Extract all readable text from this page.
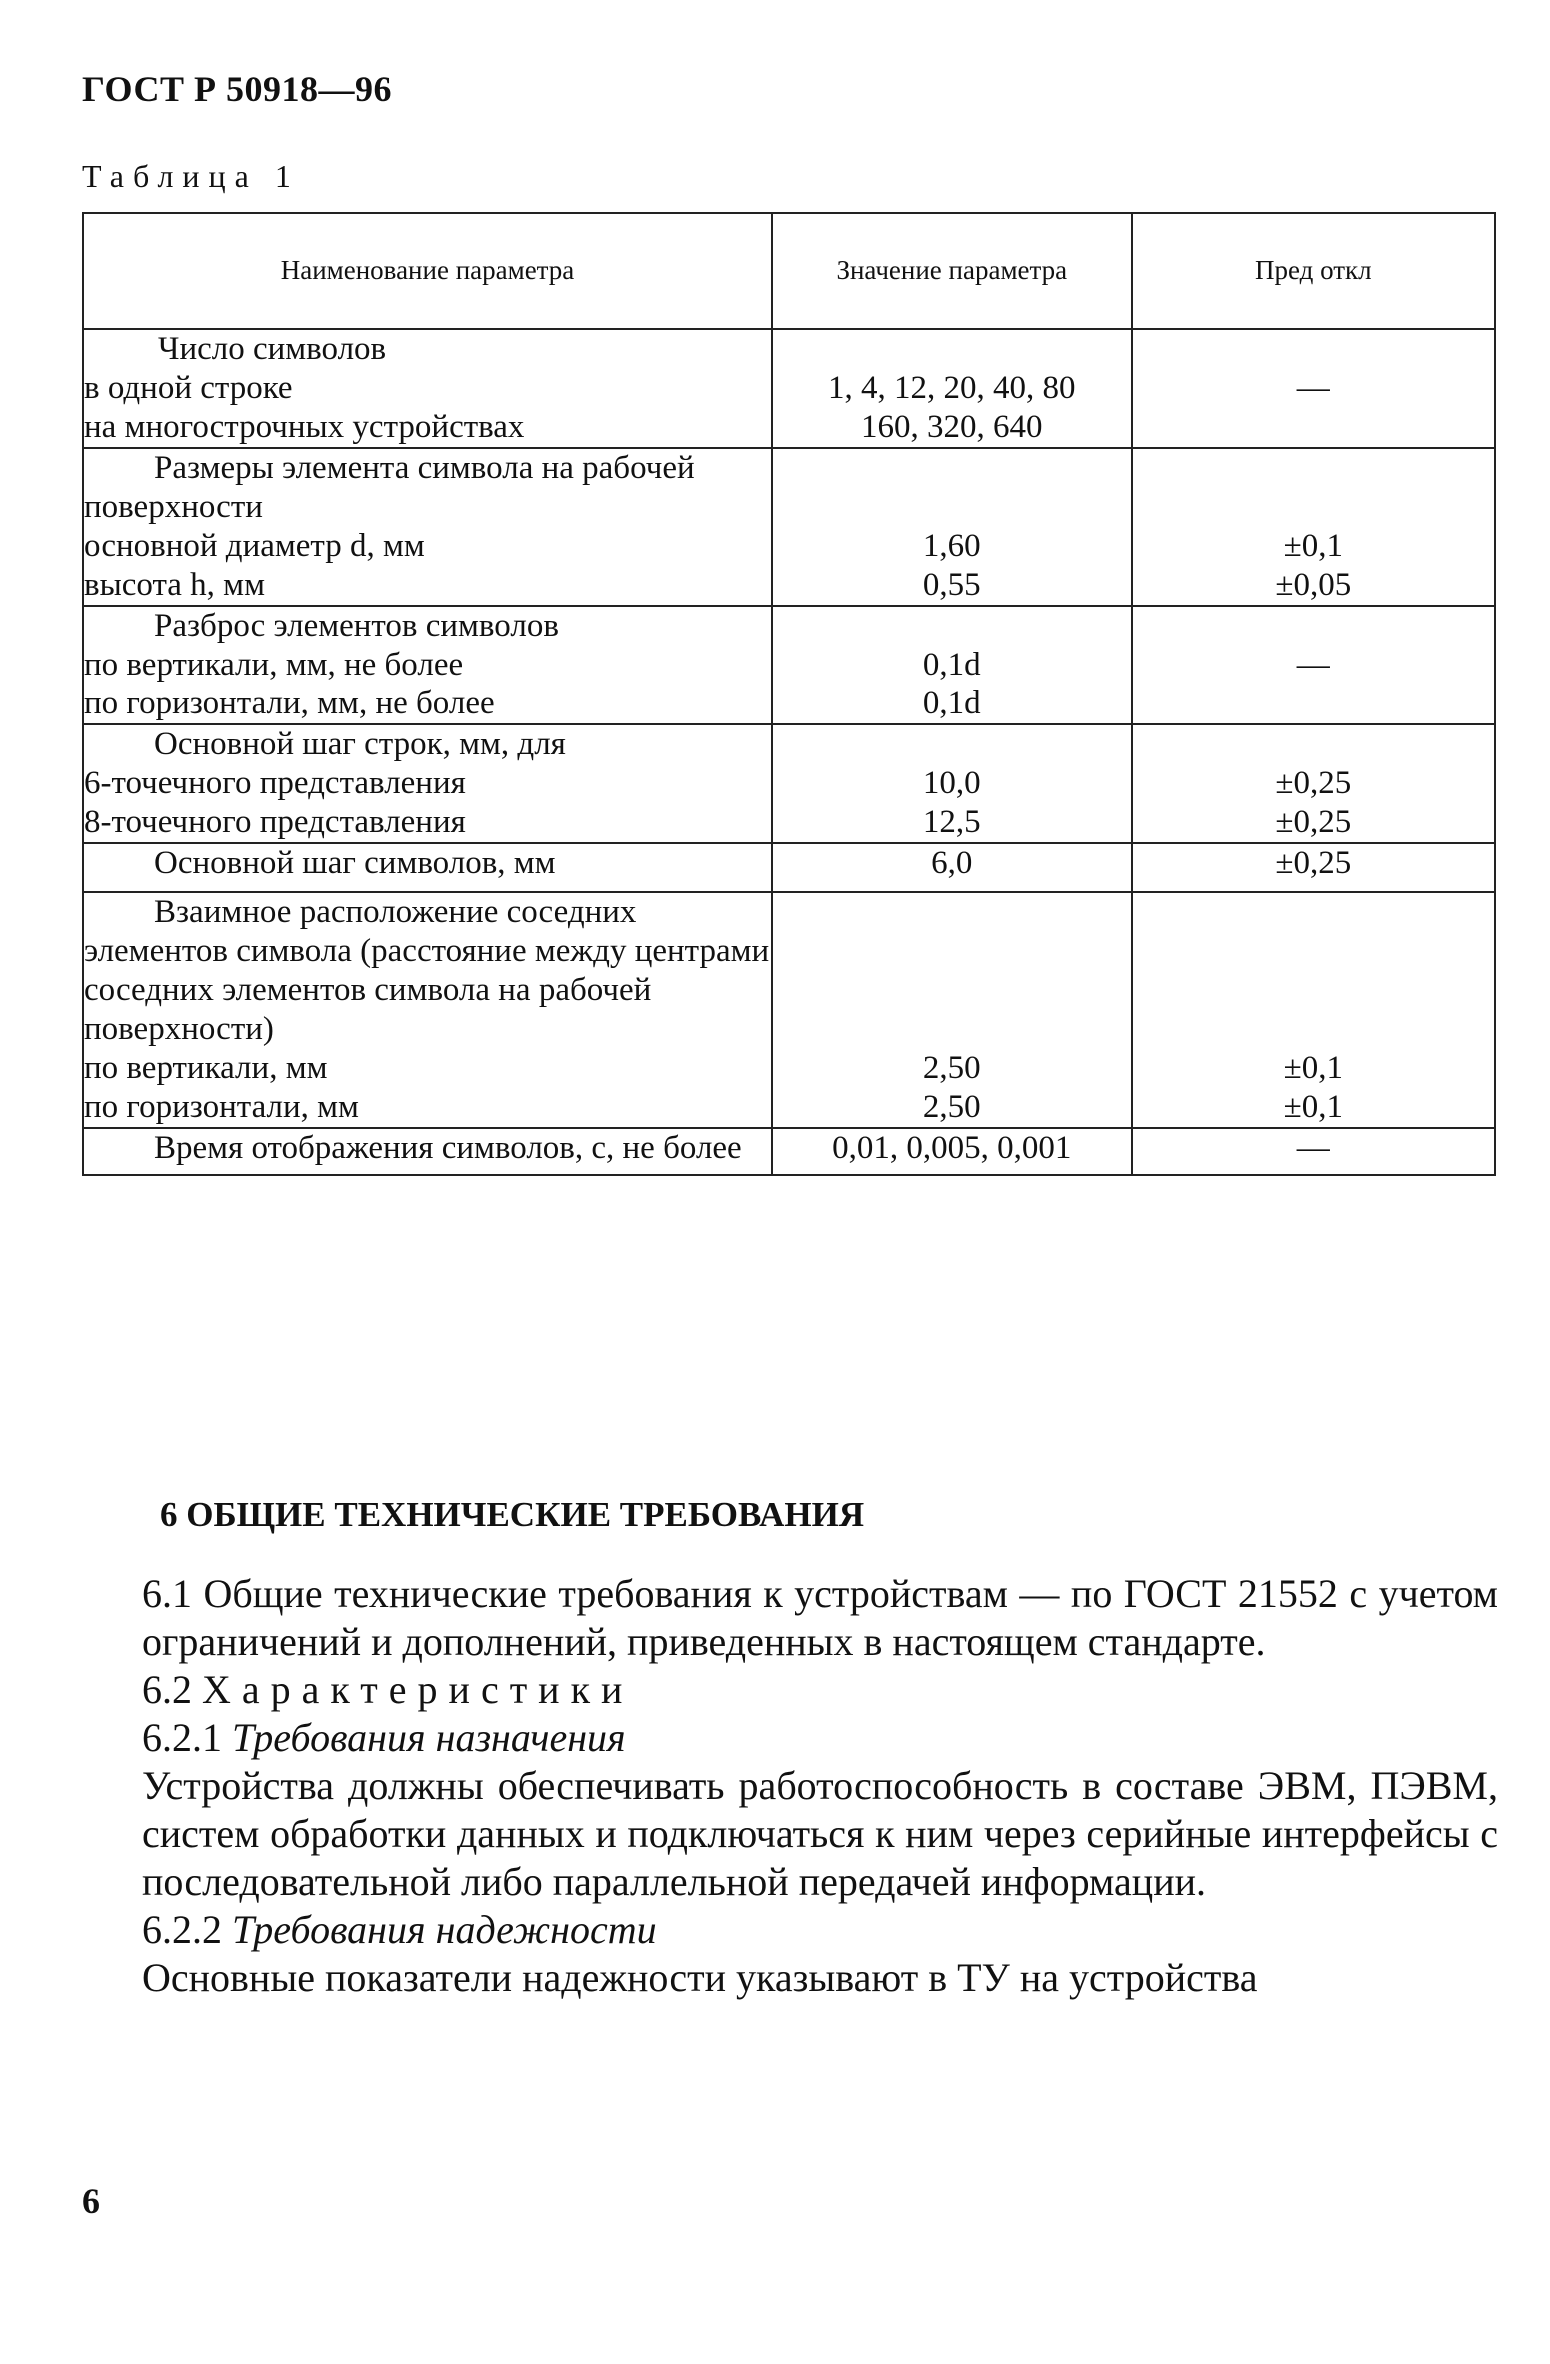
ГОСТ Р 50918—96
Таблица 1
Наименование параметра	Значение параметра	Пред откл
Число символов		
в одной строке	1, 4, 12, 20, 40, 80	—
на многострочных устройствах	160, 320, 640	
Размеры элемента символа на рабочей поверхности		
основной диаметр d, мм	1,60	±0,1
высота h, мм	0,55	±0,05
Разброс элементов символов		
по вертикали, мм, не более	0,1d	—
по горизонтали, мм, не более	0,1d	
Основной шаг строк, мм, для		
6-точечного представления	10,0	±0,25
8-точечного представления	12,5	±0,25
Основной шаг символов, мм	6,0	±0,25
Взаимное расположение соседних элементов символа (расстояние между центрами соседних элементов символа на рабочей поверхности)		
по вертикали, мм	2,50	±0,1
по горизонтали, мм	2,50	±0,1
Время отображения символов, с, не более	0,01, 0,005, 0,001	—
6 ОБЩИЕ ТЕХНИЧЕСКИЕ ТРЕБОВАНИЯ
6.1 Общие технические требования к устройствам — по ГОСТ 21552 с учетом ограничений и дополнений, приведенных в настоящем стандарте.
6.2 Характеристики
6.2.1 Требования назначения
Устройства должны обеспечивать работоспособность в составе ЭВМ, ПЭВМ, систем обработки данных и подключаться к ним через серийные интерфейсы с последовательной либо параллельной передачей информации.
6.2.2 Требования надежности
Основные показатели надежности указывают в ТУ на устройства
6
